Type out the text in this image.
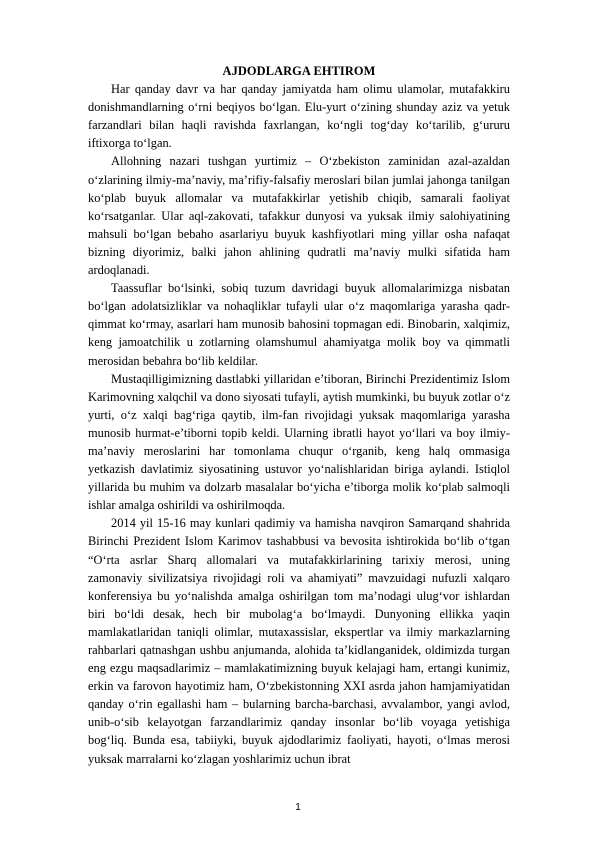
AJDODLARGA EHTIROM

Har qanday davr va har qanday jamiyatda ham olimu ulamolar, mutafakkiru donishmandlarning o‘rni beqiyos bo‘lgan. Elu-yurt o‘zining shunday aziz va yetuk farzandlari bilan haqli ravishda faxrlangan, ko‘ngli tog‘day ko‘tarilib, g‘ururu iftixorga to‘lgan.

Allohning nazari tushgan yurtimiz – O‘zbekiston zaminidan azal-azaldan o‘zlarining ilmiy-ma’naviy, ma’rifiy-falsafiy meroslari bilan jumlai jahonga tanilgan ko‘plab buyuk allomalar va mutafakkirlar yetishib chiqib, samarali faoliyat ko‘rsatganlar. Ular aql-zakovati, tafakkur dunyosi va yuksak ilmiy salohiyatining mahsuli bo‘lgan bebaho asarlariyu buyuk kashfiyotlari ming yillar osha nafaqat bizning diyorimiz, balki jahon ahlining qudratli ma’naviy mulki sifatida ham ardoqlanadi.

Taassuflar bo‘lsinki, sobiq tuzum davridagi buyuk allomalarimizga nisbatan bo‘lgan adolatsizliklar va nohaqliklar tufayli ular o‘z maqomlariga yarasha qadr-qimmat ko‘rmay, asarlari ham munosib bahosini topmagan edi. Binobarin, xalqimiz, keng jamoatchilik u zotlarning olamshumul ahamiyatga molik boy va qimmatli merosidan bebahra bo‘lib keldilar.

Mustaqilligimizning dastlabki yillaridan e’tiboran, Birinchi Prezidentimiz Islom Karimovning xalqchil va dono siyosati tufayli, aytish mumkinki, bu buyuk zotlar o‘z yurti, o‘z xalqi bag‘riga qaytib, ilm-fan rivojidagi yuksak maqomlariga yarasha munosib hurmat-e’tiborni topib keldi. Ularning ibratli hayot yo‘llari va boy ilmiy-ma’naviy meroslarini har tomonlama chuqur o‘rganib, keng halq ommasiga yetkazish davlatimiz siyosatining ustuvor yo‘nalishlaridan biriga aylandi. Istiqlol yillarida bu muhim va dolzarb masalalar bo‘yicha e’tiborga molik ko‘plab salmoqli ishlar amalga oshirildi va oshirilmoqda.

2014 yil 15-16 may kunlari qadimiy va hamisha navqiron Samarqand shahrida Birinchi Prezident Islom Karimov tashabbusi va bevosita ishtirokida bo‘lib o‘tgan “O‘rta asrlar Sharq allomalari va mutafakkirlarining tarixiy merosi, uning zamonaviy sivilizatsiya rivojidagi roli va ahamiyati” mavzuidagi nufuzli xalqaro konferensiya bu yo‘nalishda amalga oshirilgan tom ma’nodagi ulug‘vor ishlardan biri bo‘ldi desak, hech bir mubolag‘a bo‘lmaydi. Dunyoning ellikka yaqin mamlakatlaridan taniqli olimlar, mutaxassislar, ekspertlar va ilmiy markazlarning rahbarlari qatnashgan ushbu anjumanda, alohida ta’kidlanganidek, oldimizda turgan eng ezgu maqsadlarimiz – mamlakatimizning buyuk kelajagi ham, ertangi kunimiz, erkin va farovon hayotimiz ham, O‘zbekistonning XXI asrda jahon hamjamiyatidan qanday o‘rin egallashi ham – bularning barcha-barchasi, avvalambor, yangi avlod, unib-o‘sib kelayotgan farzandlarimiz qanday insonlar bo‘lib voyaga yetishiga bog‘liq. Bunda esa, tabiiyki, buyuk ajdodlarimiz faoliyati, hayoti, o‘lmas merosi yuksak marralarni ko‘zlagan yoshlarimiz uchun ibrat

1
